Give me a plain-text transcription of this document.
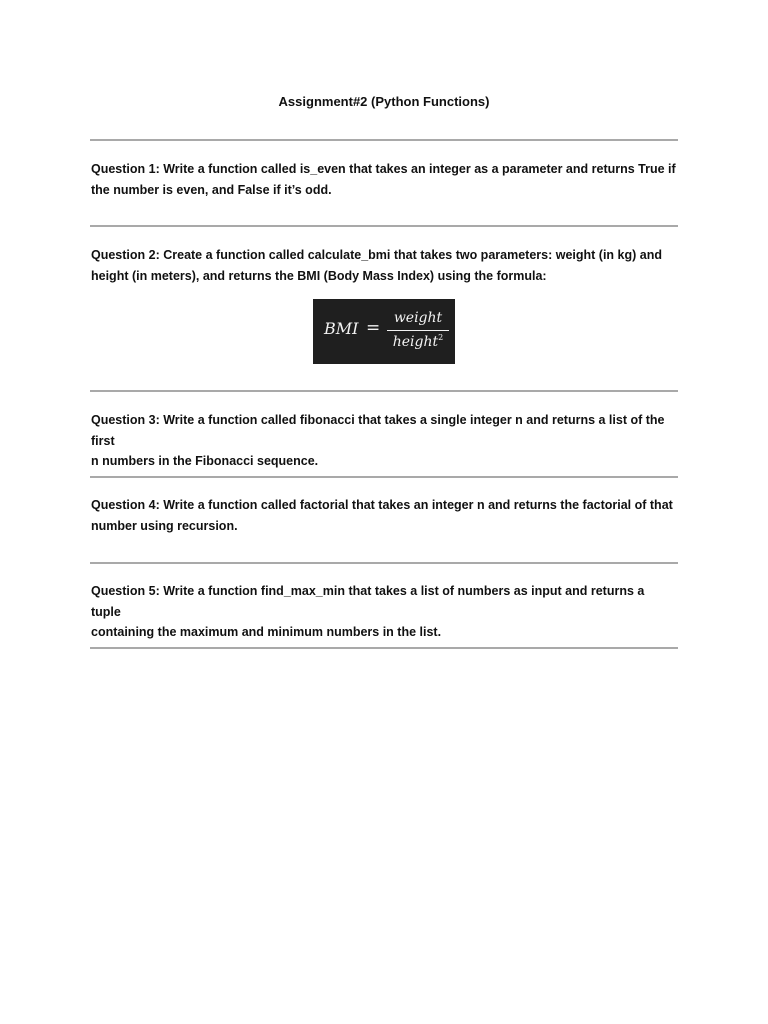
Assignment#2 (Python Functions)
Question 1: Write a function called is_even that takes an integer as a parameter and returns True if
the number is even, and False if it’s odd.
Question 2: Create a function called calculate_bmi that takes two parameters: weight (in kg) and
height (in meters), and returns the BMI (Body Mass Index) using the formula:
BMI = weight
height$^2$
Question 3: Write a function called fibonacci that takes a single integer n and returns a list of the first
n numbers in the Fibonacci sequence.
Question 4: Write a function called factorial that takes an integer n and returns the factorial of that
number using recursion.
Question 5: Write a function find_max_min that takes a list of numbers as input and returns a tuple
containing the maximum and minimum numbers in the list.
